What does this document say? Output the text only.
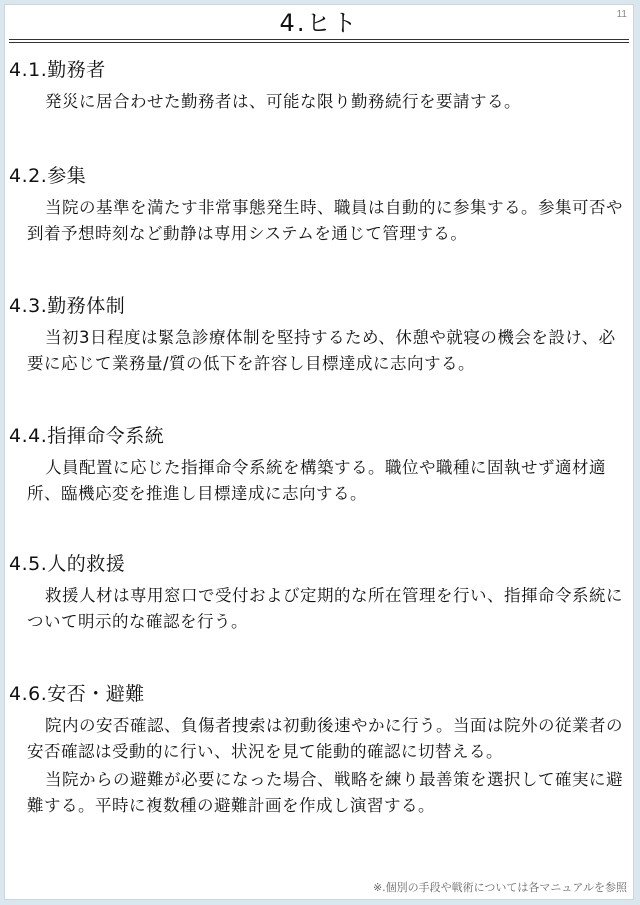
11
4.ヒト
4.1.勤務者

発災に居合わせた勤務者は、可能な限り勤務続行を要請する。

4.2.参集

当院の基準を満たす非常事態発生時、職員は自動的に参集する。参集可否や到着予想時刻など動静は専用システムを通じて管理する。

4.3.勤務体制

当初3日程度は緊急診療体制を堅持するため、休憩や就寝の機会を設け、必要に応じて業務量/質の低下を許容し目標達成に志向する。

4.4.指揮命令系統

人員配置に応じた指揮命令系統を構築する。職位や職種に固執せず適材適所、臨機応変を推進し目標達成に志向する。

4.5.人的救援

救援人材は専用窓口で受付および定期的な所在管理を行い、指揮命令系統について明示的な確認を行う。

4.6.安否・避難

院内の安否確認、負傷者捜索は初動後速やかに行う。当面は院外の従業者の安否確認は受動的に行い、状況を見て能動的確認に切替える。

当院からの避難が必要になった場合、戦略を練り最善策を選択して確実に避難する。平時に複数種の避難計画を作成し演習する。

※.個別の手段や戦術については各マニュアルを参照
